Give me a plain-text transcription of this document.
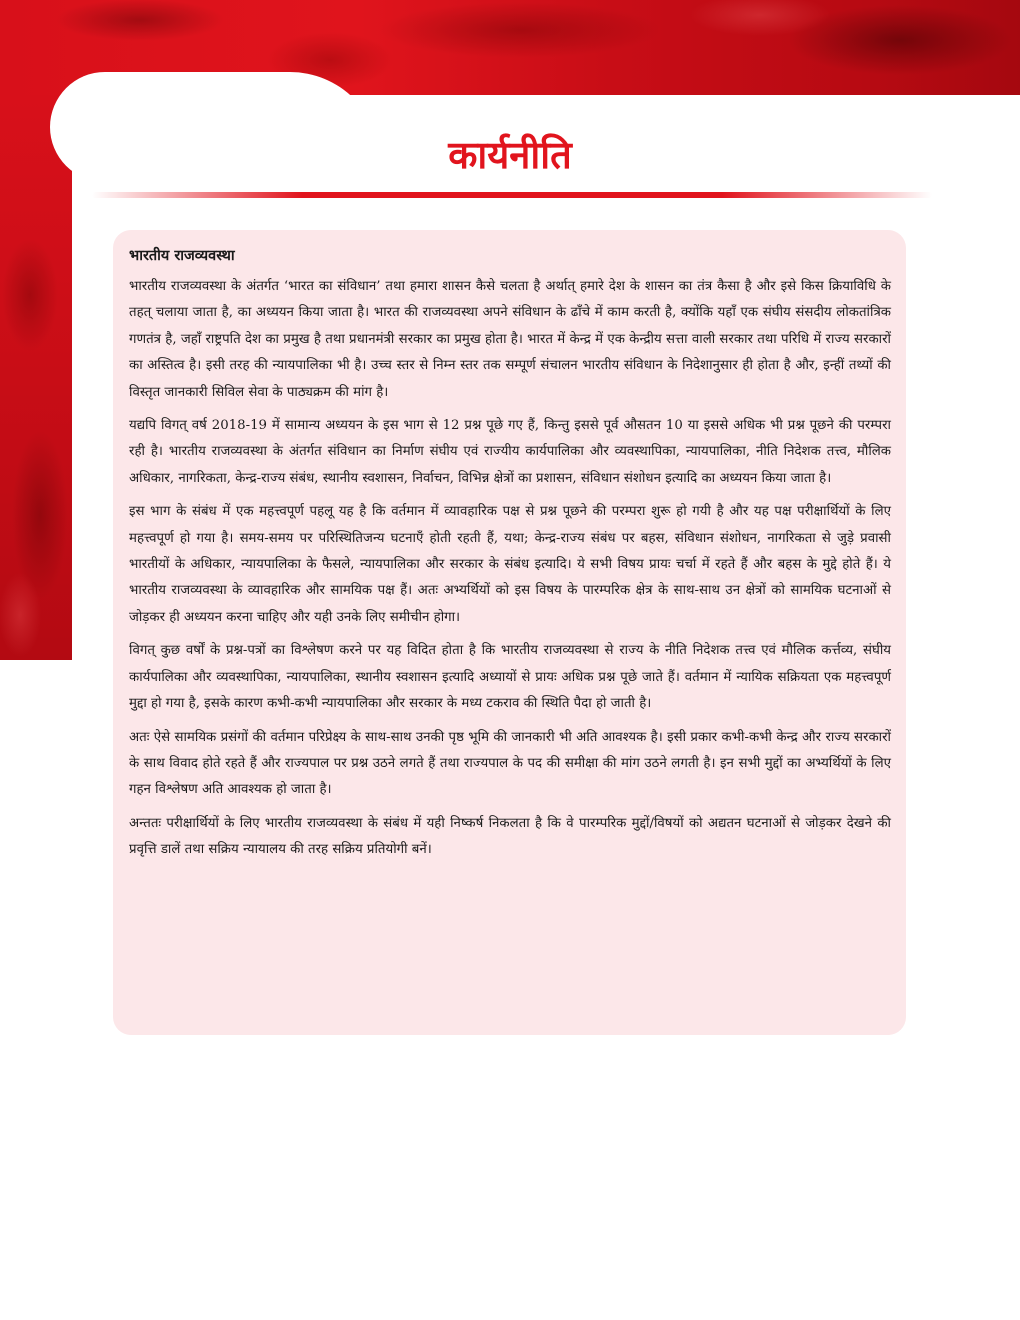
कार्यनीति
भारतीय राजव्यवस्था

भारतीय राजव्यवस्था के अंतर्गत ‘भारत का संविधान’ तथा हमारा शासन कैसे चलता है अर्थात् हमारे देश के शासन का तंत्र कैसा है और इसे किस क्रियाविधि के तहत् चलाया जाता है, का अध्ययन किया जाता है। भारत की राजव्यवस्था अपने संविधान के ढाँचे में काम करती है, क्योंकि यहाँ एक संघीय संसदीय लोकतांत्रिक गणतंत्र है, जहाँ राष्ट्रपति देश का प्रमुख है तथा प्रधानमंत्री सरकार का प्रमुख होता है। भारत में केन्द्र में एक केन्द्रीय सत्ता वाली सरकार तथा परिधि में राज्य सरकारों का अस्तित्व है। इसी तरह की न्यायपालिका भी है। उच्च स्तर से निम्न स्तर तक सम्पूर्ण संचालन भारतीय संविधान के निदेशानुसार ही होता है और, इन्हीं तथ्यों की विस्तृत जानकारी सिविल सेवा के पाठ्यक्रम की मांग है।

यद्यपि विगत् वर्ष 2018-19 में सामान्य अध्ययन के इस भाग से 12 प्रश्न पूछे गए हैं, किन्तु इससे पूर्व औसतन 10 या इससे अधिक भी प्रश्न पूछने की परम्परा रही है। भारतीय राजव्यवस्था के अंतर्गत संविधान का निर्माण संघीय एवं राज्यीय कार्यपालिका और व्यवस्थापिका, न्यायपालिका, नीति निदेशक तत्त्व, मौलिक अधिकार, नागरिकता, केन्द्र-राज्य संबंध, स्थानीय स्वशासन, निर्वाचन, विभिन्न क्षेत्रों का प्रशासन, संविधान संशोधन इत्यादि का अध्ययन किया जाता है।

इस भाग के संबंध में एक महत्त्वपूर्ण पहलू यह है कि वर्तमान में व्यावहारिक पक्ष से प्रश्न पूछने की परम्परा शुरू हो गयी है और यह पक्ष परीक्षार्थियों के लिए महत्त्वपूर्ण हो गया है। समय-समय पर परिस्थितिजन्य घटनाएँ होती रहती हैं, यथा; केन्द्र-राज्य संबंध पर बहस, संविधान संशोधन, नागरिकता से जुड़े प्रवासी भारतीयों के अधिकार, न्यायपालिका के फैसले, न्यायपालिका और सरकार के संबंध इत्यादि। ये सभी विषय प्रायः चर्चा में रहते हैं और बहस के मुद्दे होते हैं। ये भारतीय राजव्यवस्था के व्यावहारिक और सामयिक पक्ष हैं। अतः अभ्यर्थियों को इस विषय के पारम्परिक क्षेत्र के साथ-साथ उन क्षेत्रों को सामयिक घटनाओं से जोड़कर ही अध्ययन करना चाहिए और यही उनके लिए समीचीन होगा।

विगत् कुछ वर्षों के प्रश्न-पत्रों का विश्लेषण करने पर यह विदित होता है कि भारतीय राजव्यवस्था से राज्य के नीति निदेशक तत्त्व एवं मौलिक कर्त्तव्य, संघीय कार्यपालिका और व्यवस्थापिका, न्यायपालिका, स्थानीय स्वशासन इत्यादि अध्यायों से प्रायः अधिक प्रश्न पूछे जाते हैं। वर्तमान में न्यायिक सक्रियता एक महत्त्वपूर्ण मुद्दा हो गया है, इसके कारण कभी-कभी न्यायपालिका और सरकार के मध्य टकराव की स्थिति पैदा हो जाती है।

अतः ऐसे सामयिक प्रसंगों की वर्तमान परिप्रेक्ष्य के साथ-साथ उनकी पृष्ठ भूमि की जानकारी भी अति आवश्यक है। इसी प्रकार कभी-कभी केन्द्र और राज्य सरकारों के साथ विवाद होते रहते हैं और राज्यपाल पर प्रश्न उठने लगते हैं तथा राज्यपाल के पद की समीक्षा की मांग उठने लगती है। इन सभी मुद्दों का अभ्यर्थियों के लिए गहन विश्लेषण अति आवश्यक हो जाता है।

अन्ततः परीक्षार्थियों के लिए भारतीय राजव्यवस्था के संबंध में यही निष्कर्ष निकलता है कि वे पारम्परिक मुद्दों/विषयों को अद्यतन घटनाओं से जोड़कर देखने की प्रवृत्ति डालें तथा सक्रिय न्यायालय की तरह सक्रिय प्रतियोगी बनें।
